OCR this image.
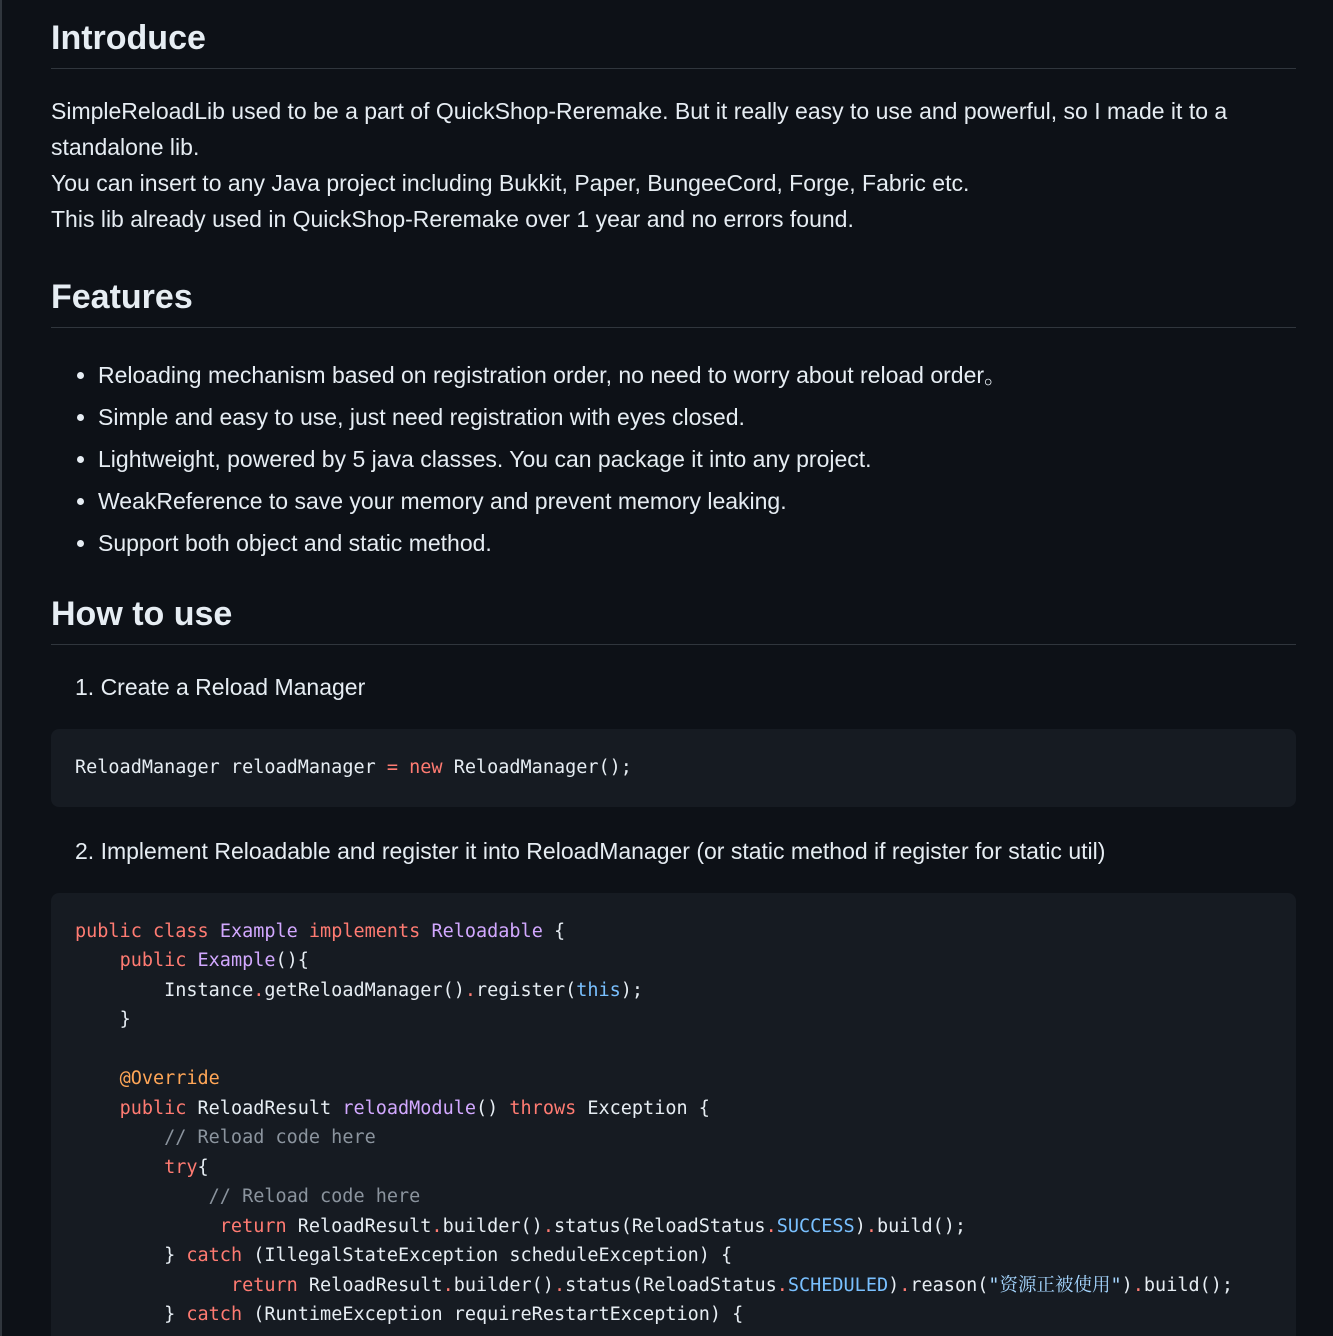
Introduce

SimpleReloadLib used to be a part of QuickShop-Reremake. But it really easy to use and powerful, so I made it to a standalone lib.
You can insert to any Java project including Bukkit, Paper, BungeeCord, Forge, Fabric etc.
This lib already used in QuickShop-Reremake over 1 year and no errors found.

Features
• Reloading mechanism based on registration order, no need to worry about reload order。
• Simple and easy to use, just need registration with eyes closed.
• Lightweight, powered by 5 java classes. You can package it into any project.
• WeakReference to save your memory and prevent memory leaking.
• Support both object and static method.
How to use

1. Create a Reload Manager

ReloadManager reloadManager = new ReloadManager();

2. Implement Reloadable and register it into ReloadManager (or static method if register for static util)

public class Example implements Reloadable {
public Example(){
Instance.getReloadManager().register(this);
}

@Override
public ReloadResult reloadModule() throws Exception {
// Reload code here
try{
// Reload code here
return ReloadResult.builder().status(ReloadStatus.SUCCESS).build();
} catch (IllegalStateException scheduleException) {
return ReloadResult.builder().status(ReloadStatus.SCHEDULED).reason("资源正被使用").build();
} catch (RuntimeException requireRestartException) {
